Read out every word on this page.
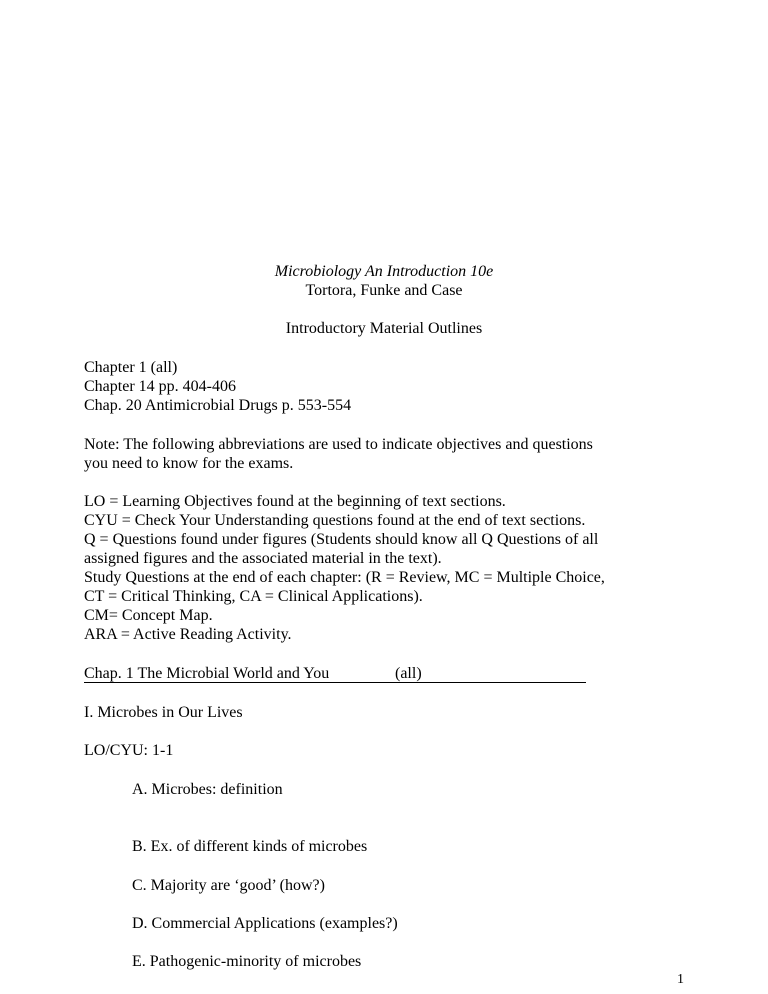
Microbiology An Introduction 10e
Tortora, Funke and Case
Introductory Material Outlines
Chapter 1 (all)
Chapter 14 pp. 404-406
Chap. 20 Antimicrobial Drugs p. 553-554
Note: The following abbreviations are used to indicate objectives and questions
you need to know for the exams.
LO = Learning Objectives found at the beginning of text sections.
CYU = Check Your Understanding questions found at the end of text sections.
Q = Questions found under figures (Students should know all Q Questions of all
assigned figures and the associated material in the text).
Study Questions at the end of each chapter: (R = Review, MC = Multiple Choice,
CT = Critical Thinking, CA = Clinical Applications).
CM= Concept Map.
ARA = Active Reading Activity.
Chap. 1 The Microbial World and You	(all)
I. Microbes in Our Lives
LO/CYU: 1-1
A. Microbes: definition
B. Ex. of different kinds of microbes
C. Majority are ‘good’ (how?)
D. Commercial Applications (examples?)
E. Pathogenic-minority of microbes
1
